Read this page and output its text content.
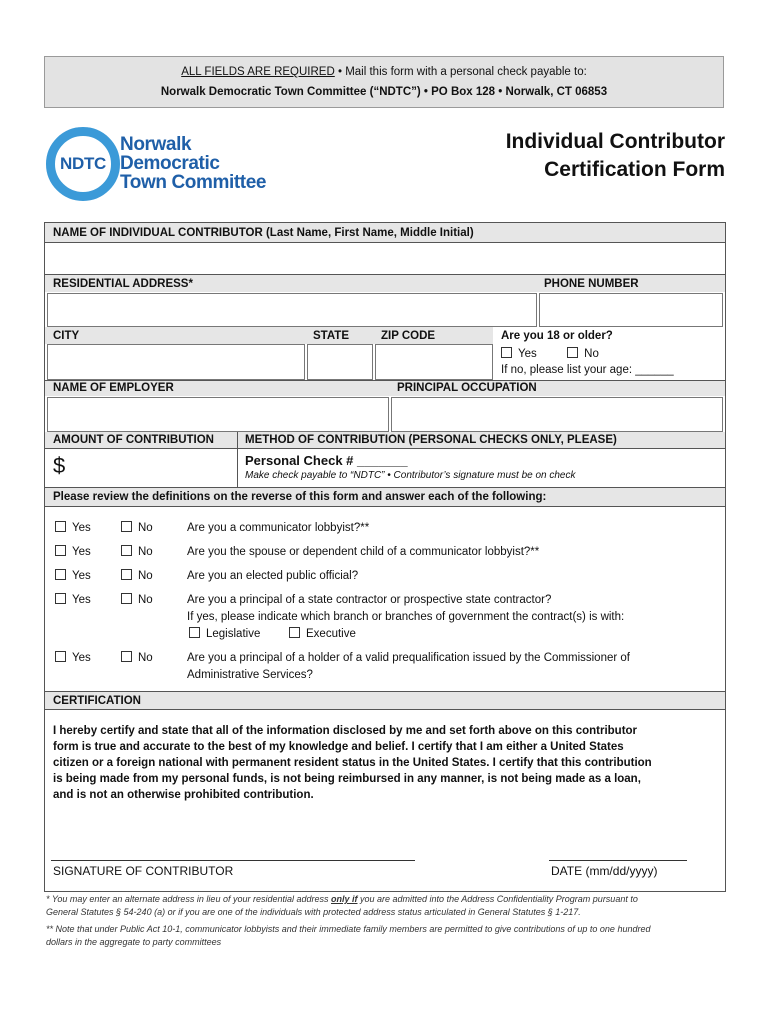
ALL FIELDS ARE REQUIRED • Mail this form with a personal check payable to:
Norwalk Democratic Town Committee (“NDTC”) • PO Box 128 • Norwalk, CT 06853
NDTC
Norwalk
Democratic
Town Committee
Individual Contributor
Certification Form
NAME OF INDIVIDUAL CONTRIBUTOR (Last Name, First Name, Middle Initial)
RESIDENTIAL ADDRESS*	PHONE NUMBER
CITY	STATE	ZIP CODE	Are you 18 or older?
Yes	No
If no, please list your age: ______
NAME OF EMPLOYER	PRINCIPAL OCCUPATION
AMOUNT OF CONTRIBUTION	METHOD OF CONTRIBUTION (PERSONAL CHECKS ONLY, PLEASE)
$	Personal Check # _______
Make check payable to “NDTC” • Contributor’s signature must be on check
Please review the definitions on the reverse of this form and answer each of the following:
Yes	No	Are you a communicator lobbyist?**
Yes	No	Are you the spouse or dependent child of a communicator lobbyist?**
Yes	No	Are you an elected public official?
Yes	No	Are you a principal of a state contractor or prospective state contractor?
If yes, please indicate which branch or branches of government the contract(s) is with:
Legislative	Executive
Yes	No	Are you a principal of a holder of a valid prequalification issued by the Commissioner of
Administrative Services?
CERTIFICATION
I hereby certify and state that all of the information disclosed by me and set forth above on this contributor
form is true and accurate to the best of my knowledge and belief. I certify that I am either a United States
citizen or a foreign national with permanent resident status in the United States. I certify that this contribution
is being made from my personal funds, is not being reimbursed in any manner, is not being made as a loan,
and is not an otherwise prohibited contribution.
SIGNATURE OF CONTRIBUTOR	DATE (mm/dd/yyyy)
* You may enter an alternate address in lieu of your residential address only if you are admitted into the Address Confidentiality Program pursuant to
General Statutes § 54-240 (a) or if you are one of the individuals with protected address status articulated in General Statutes § 1-217.
** Note that under Public Act 10-1, communicator lobbyists and their immediate family members are permitted to give contributions of up to one hundred
dollars in the aggregate to party committees
